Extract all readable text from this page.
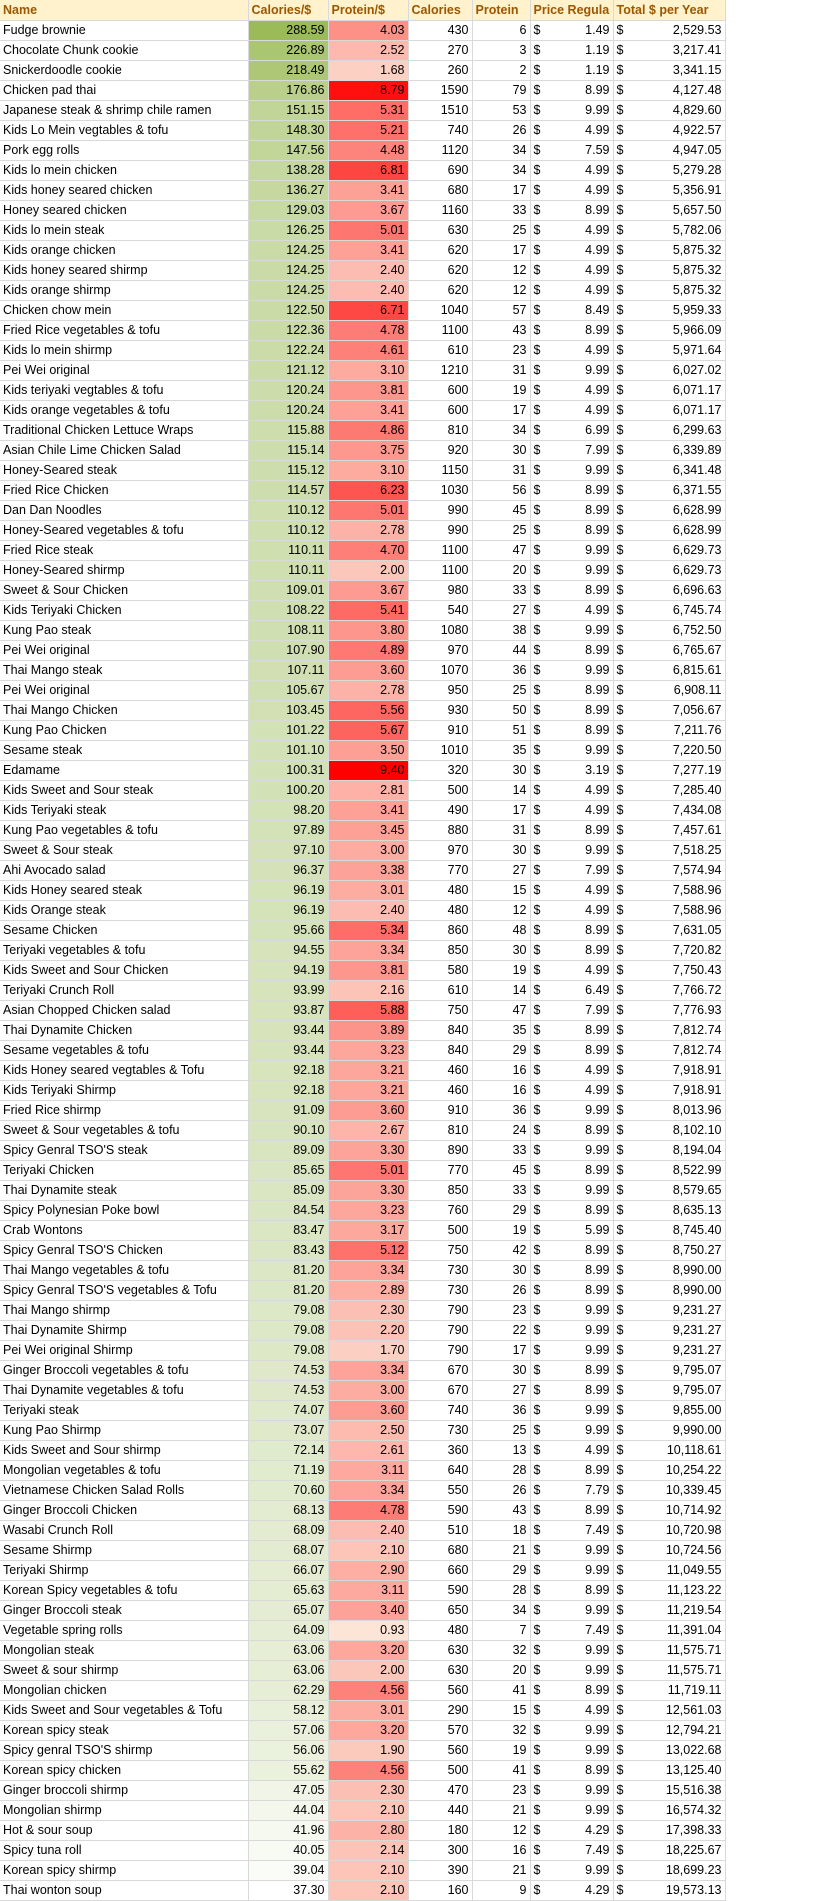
Name	Calories/$	Protein/$	Calories	Protein	Price Regula	Total $ per Year
Fudge brownie	288.59	4.03	430	6	$ 1.49	$ 2,529.53

Chocolate Chunk cookie	226.89	2.52	270	3	$ 1.19	$ 3,217.41

Snickerdoodle cookie	218.49	1.68	260	2	$ 1.19	$ 3,341.15

Chicken pad thai	176.86	8.79	1590	79	$ 8.99	$ 4,127.48

Japanese steak & shrimp chile ramen	151.15	5.31	1510	53	$ 9.99	$ 4,829.60

Kids Lo Mein vegtables & tofu	148.30	5.21	740	26	$ 4.99	$ 4,922.57

Pork egg rolls	147.56	4.48	1120	34	$ 7.59	$ 4,947.05

Kids lo mein chicken	138.28	6.81	690	34	$ 4.99	$ 5,279.28

Kids honey seared chicken	136.27	3.41	680	17	$ 4.99	$ 5,356.91

Honey seared chicken	129.03	3.67	1160	33	$ 8.99	$ 5,657.50

Kids lo mein steak	126.25	5.01	630	25	$ 4.99	$ 5,782.06

Kids orange chicken	124.25	3.41	620	17	$ 4.99	$ 5,875.32

Kids honey seared shirmp	124.25	2.40	620	12	$ 4.99	$ 5,875.32

Kids orange shirmp	124.25	2.40	620	12	$ 4.99	$ 5,875.32

Chicken chow mein	122.50	6.71	1040	57	$ 8.49	$ 5,959.33

Fried Rice vegetables & tofu	122.36	4.78	1100	43	$ 8.99	$ 5,966.09

Kids lo mein shirmp	122.24	4.61	610	23	$ 4.99	$ 5,971.64

Pei Wei original	121.12	3.10	1210	31	$ 9.99	$ 6,027.02

Kids teriyaki vegtables & tofu	120.24	3.81	600	19	$ 4.99	$ 6,071.17

Kids orange vegetables & tofu	120.24	3.41	600	17	$ 4.99	$ 6,071.17

Traditional Chicken Lettuce Wraps	115.88	4.86	810	34	$ 6.99	$ 6,299.63

Asian Chile Lime Chicken Salad	115.14	3.75	920	30	$ 7.99	$ 6,339.89

Honey-Seared steak	115.12	3.10	1150	31	$ 9.99	$ 6,341.48

Fried Rice Chicken	114.57	6.23	1030	56	$ 8.99	$ 6,371.55

Dan Dan Noodles	110.12	5.01	990	45	$ 8.99	$ 6,628.99

Honey-Seared vegetables & tofu	110.12	2.78	990	25	$ 8.99	$ 6,628.99

Fried Rice steak	110.11	4.70	1100	47	$ 9.99	$ 6,629.73

Honey-Seared shirmp	110.11	2.00	1100	20	$ 9.99	$ 6,629.73

Sweet & Sour Chicken	109.01	3.67	980	33	$ 8.99	$ 6,696.63

Kids Teriyaki Chicken	108.22	5.41	540	27	$ 4.99	$ 6,745.74

Kung Pao steak	108.11	3.80	1080	38	$ 9.99	$ 6,752.50

Pei Wei original	107.90	4.89	970	44	$ 8.99	$ 6,765.67

Thai Mango steak	107.11	3.60	1070	36	$ 9.99	$ 6,815.61

Pei Wei original	105.67	2.78	950	25	$ 8.99	$ 6,908.11

Thai Mango Chicken	103.45	5.56	930	50	$ 8.99	$ 7,056.67

Kung Pao Chicken	101.22	5.67	910	51	$ 8.99	$ 7,211.76

Sesame steak	101.10	3.50	1010	35	$ 9.99	$ 7,220.50

Edamame	100.31	9.40	320	30	$ 3.19	$ 7,277.19

Kids Sweet and Sour steak	100.20	2.81	500	14	$ 4.99	$ 7,285.40

Kids Teriyaki steak	98.20	3.41	490	17	$ 4.99	$ 7,434.08

Kung Pao vegetables & tofu	97.89	3.45	880	31	$ 8.99	$ 7,457.61

Sweet & Sour steak	97.10	3.00	970	30	$ 9.99	$ 7,518.25

Ahi Avocado salad	96.37	3.38	770	27	$ 7.99	$ 7,574.94

Kids Honey seared steak	96.19	3.01	480	15	$ 4.99	$ 7,588.96

Kids Orange steak	96.19	2.40	480	12	$ 4.99	$ 7,588.96

Sesame Chicken	95.66	5.34	860	48	$ 8.99	$ 7,631.05

Teriyaki vegetables & tofu	94.55	3.34	850	30	$ 8.99	$ 7,720.82

Kids Sweet and Sour Chicken	94.19	3.81	580	19	$ 4.99	$ 7,750.43

Teriyaki Crunch Roll	93.99	2.16	610	14	$ 6.49	$ 7,766.72

Asian Chopped Chicken salad	93.87	5.88	750	47	$ 7.99	$ 7,776.93

Thai Dynamite Chicken	93.44	3.89	840	35	$ 8.99	$ 7,812.74

Sesame vegetables & tofu	93.44	3.23	840	29	$ 8.99	$ 7,812.74

Kids Honey seared vegtables & Tofu	92.18	3.21	460	16	$ 4.99	$ 7,918.91

Kids Teriyaki Shirmp	92.18	3.21	460	16	$ 4.99	$ 7,918.91

Fried Rice shirmp	91.09	3.60	910	36	$ 9.99	$ 8,013.96

Sweet & Sour vegetables & tofu	90.10	2.67	810	24	$ 8.99	$ 8,102.10

Spicy Genral TSO'S steak	89.09	3.30	890	33	$ 9.99	$ 8,194.04

Teriyaki Chicken	85.65	5.01	770	45	$ 8.99	$ 8,522.99

Thai Dynamite steak	85.09	3.30	850	33	$ 9.99	$ 8,579.65

Spicy Polynesian Poke bowl	84.54	3.23	760	29	$ 8.99	$ 8,635.13

Crab Wontons	83.47	3.17	500	19	$ 5.99	$ 8,745.40

Spicy Genral TSO'S Chicken	83.43	5.12	750	42	$ 8.99	$ 8,750.27

Thai Mango vegetables & tofu	81.20	3.34	730	30	$ 8.99	$ 8,990.00

Spicy Genral TSO'S vegetables & Tofu	81.20	2.89	730	26	$ 8.99	$ 8,990.00

Thai Mango shirmp	79.08	2.30	790	23	$ 9.99	$ 9,231.27

Thai Dynamite Shirmp	79.08	2.20	790	22	$ 9.99	$ 9,231.27

Pei Wei original Shirmp	79.08	1.70	790	17	$ 9.99	$ 9,231.27

Ginger Broccoli vegetables & tofu	74.53	3.34	670	30	$ 8.99	$ 9,795.07

Thai Dynamite vegetables & tofu	74.53	3.00	670	27	$ 8.99	$ 9,795.07

Teriyaki steak	74.07	3.60	740	36	$ 9.99	$ 9,855.00

Kung Pao Shirmp	73.07	2.50	730	25	$ 9.99	$ 9,990.00

Kids Sweet and Sour shirmp	72.14	2.61	360	13	$ 4.99	$ 10,118.61

Mongolian vegetables & tofu	71.19	3.11	640	28	$ 8.99	$ 10,254.22

Vietnamese Chicken Salad Rolls	70.60	3.34	550	26	$ 7.79	$ 10,339.45

Ginger Broccoli Chicken	68.13	4.78	590	43	$ 8.99	$ 10,714.92

Wasabi Crunch Roll	68.09	2.40	510	18	$ 7.49	$ 10,720.98

Sesame Shirmp	68.07	2.10	680	21	$ 9.99	$ 10,724.56

Teriyaki Shirmp	66.07	2.90	660	29	$ 9.99	$ 11,049.55

Korean Spicy vegetables & tofu	65.63	3.11	590	28	$ 8.99	$ 11,123.22

Ginger Broccoli steak	65.07	3.40	650	34	$ 9.99	$ 11,219.54

Vegetable spring rolls	64.09	0.93	480	7	$ 7.49	$ 11,391.04

Mongolian steak	63.06	3.20	630	32	$ 9.99	$ 11,575.71

Sweet & sour shirmp	63.06	2.00	630	20	$ 9.99	$ 11,575.71

Mongolian chicken	62.29	4.56	560	41	$ 8.99	$ 11,719.11

Kids Sweet and Sour vegetables & Tofu	58.12	3.01	290	15	$ 4.99	$ 12,561.03

Korean spicy steak	57.06	3.20	570	32	$ 9.99	$ 12,794.21

Spicy genral TSO'S shirmp	56.06	1.90	560	19	$ 9.99	$ 13,022.68

Korean spicy chicken	55.62	4.56	500	41	$ 8.99	$ 13,125.40

Ginger broccoli shirmp	47.05	2.30	470	23	$ 9.99	$ 15,516.38

Mongolian shirmp	44.04	2.10	440	21	$ 9.99	$ 16,574.32

Hot & sour soup	41.96	2.80	180	12	$ 4.29	$ 17,398.33

Spicy tuna roll	40.05	2.14	300	16	$ 7.49	$ 18,225.67

Korean spicy shirmp	39.04	2.10	390	21	$ 9.99	$ 18,699.23

Thai wonton soup	37.30	2.10	160	9	$ 4.29	$ 19,573.13
